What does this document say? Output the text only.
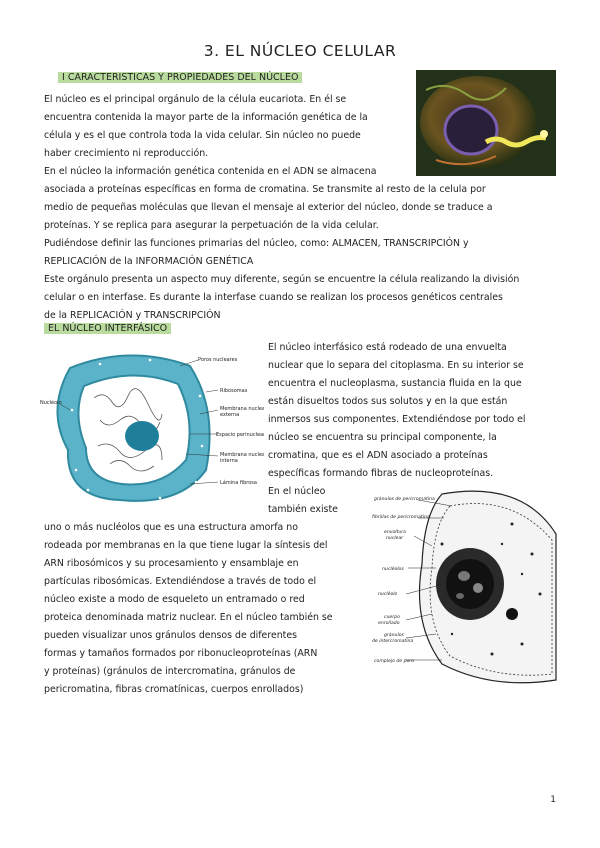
3. EL NÚCLEO CELULAR
I CARACTERISTICAS Y PROPIEDADES DEL NÚCLEO
El núcleo es el principal orgánulo de la célula eucariota. En él se
encuentra contenida la mayor parte de la información genética de la
célula y es el que controla toda la vida celular. Sin núcleo no puede
haber crecimiento ni reproducción.
En el núcleo la información genética contenida en el ADN se almacena
asociada a proteínas específicas en forma de cromatina. Se transmite al resto de la celula por
medio de pequeñas moléculas que llevan el mensaje al exterior del núcleo, donde se traduce a
proteínas. Y se replica para asegurar la perpetuación de la vida celular.
Pudiéndose definir las funciones primarias del núcleo, como: ALMACEN, TRANSCRIPCIÓN y
REPLICACIÓN de la INFORMACIÓN GENÉTICA
Este orgánulo presenta un aspecto muy diferente, según se encuentre la célula realizando la división
celular o en interfase. Es durante la interfase cuando se realizan los procesos genéticos centrales
de la REPLICACIÓN y TRANSCRIPCIÓN
EL NÚCLEO INTERFÁSICO
Poros nucleares
Ribosomas
Membrana nuclear
externa
Espacio perinuclear
Membrana nuclear
interna
Lámina fibrosa
Nucléolo
El núcleo interfásico está rodeado de una envuelta
nuclear que lo separa del citoplasma. En su interior se
encuentra el nucleoplasma, sustancia fluida en la que
están disueltos todos sus solutos y en la que están
inmersos sus componentes. Extendiéndose por todo el
núcleo se encuentra su principal componente, la
cromatina, que es el ADN asociado a proteínas
específicas formando fibras de nucleoproteínas.
En el núcleo
también existe
gránulos de pericromatina
fibrillas de pericromatina
envoltura
nuclear
nucléolos
nucléolo
cuerpo
enrollado
gránulos
de intercromatina
complejo de poro
uno o más nucléolos que es una estructura amorfa no
rodeada por membranas en la que tiene lugar la síntesis del
ARN ribosómicos y su procesamiento y ensamblaje en
partículas ribosómicas. Extendiéndose a través de todo el
núcleo existe a modo de esqueleto un entramado o red
proteica denominada matriz nuclear. En el núcleo también se
pueden visualizar unos gránulos densos de diferentes
formas y tamaños formados por ribonucleoproteínas (ARN
y proteínas) (gránulos de intercromatina, gránulos de
pericromatina, fibras cromatínicas, cuerpos enrollados)
1
